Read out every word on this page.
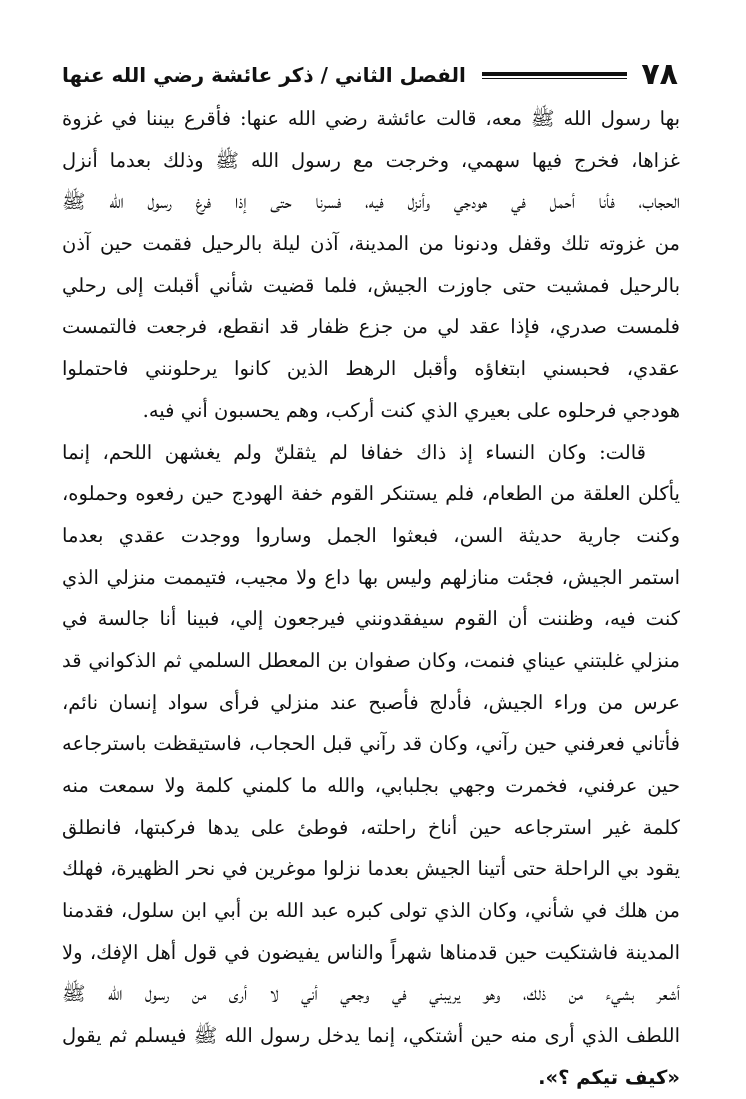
٧٨
الفصل الثاني / ذكر عائشة رضي الله عنها
بها رسول الله ﷺ معه، قالت عائشة رضي الله عنها: فأقرع بيننا في غزوة
غزاها، فخرج فيها سهمي، وخرجت مع رسول الله ﷺ وذلك بعدما أنزل
الحجاب، فأنا أحمل في هودجي وأنزل فيه، فسرنا حتى إذا فرغ رسول الله ﷺ
من غزوته تلك وقفل ودنونا من المدينة، آذن ليلة بالرحيل فقمت حين آذن
بالرحيل فمشيت حتى جاوزت الجيش، فلما قضيت شأني أقبلت إلى رحلي
فلمست صدري، فإذا عقد لي من جزع ظفار قد انقطع، فرجعت فالتمست
عقدي، فحبسني ابتغاؤه وأقبل الرهط الذين كانوا يرحلونني فاحتملوا
هودجي فرحلوه على بعيري الذي كنت أركب، وهم يحسبون أني فيه.
قالت: وكان النساء إذ ذاك خفافا لم يثقلنّ ولم يغشهن اللحم، إنما
يأكلن العلقة من الطعام، فلم يستنكر القوم خفة الهودج حين رفعوه وحملوه،
وكنت جارية حديثة السن، فبعثوا الجمل وساروا ووجدت عقدي بعدما
استمر الجيش، فجئت منازلهم وليس بها داع ولا مجيب، فتيممت منزلي الذي
كنت فيه، وظننت أن القوم سيفقدونني فيرجعون إلي، فبينا أنا جالسة في
منزلي غلبتني عيناي فنمت، وكان صفوان بن المعطل السلمي ثم الذكواني قد
عرس من وراء الجيش، فأدلج فأصبح عند منزلي فرأى سواد إنسان نائم،
فأتاني فعرفني حين رآني، وكان قد رآني قبل الحجاب، فاستيقظت باسترجاعه
حين عرفني، فخمرت وجهي بجلبابي، والله ما كلمني كلمة ولا سمعت منه
كلمة غير استرجاعه حين أناخ راحلته، فوطئ على يدها فركبتها، فانطلق
يقود بي الراحلة حتى أتينا الجيش بعدما نزلوا موغرين في نحر الظهيرة، فهلك
من هلك في شأني، وكان الذي تولى كبره عبد الله بن أبي ابن سلول، فقدمنا
المدينة فاشتكيت حين قدمناها شهراً والناس يفيضون في قول أهل الإفك، ولا
أشعر بشيء من ذلك، وهو يريبني في وجعي أني لا أرى من رسول الله ﷺ
اللطف الذي أرى منه حين أشتكي، إنما يدخل رسول الله ﷺ فيسلم ثم يقول
«كيف تيكم ؟».
